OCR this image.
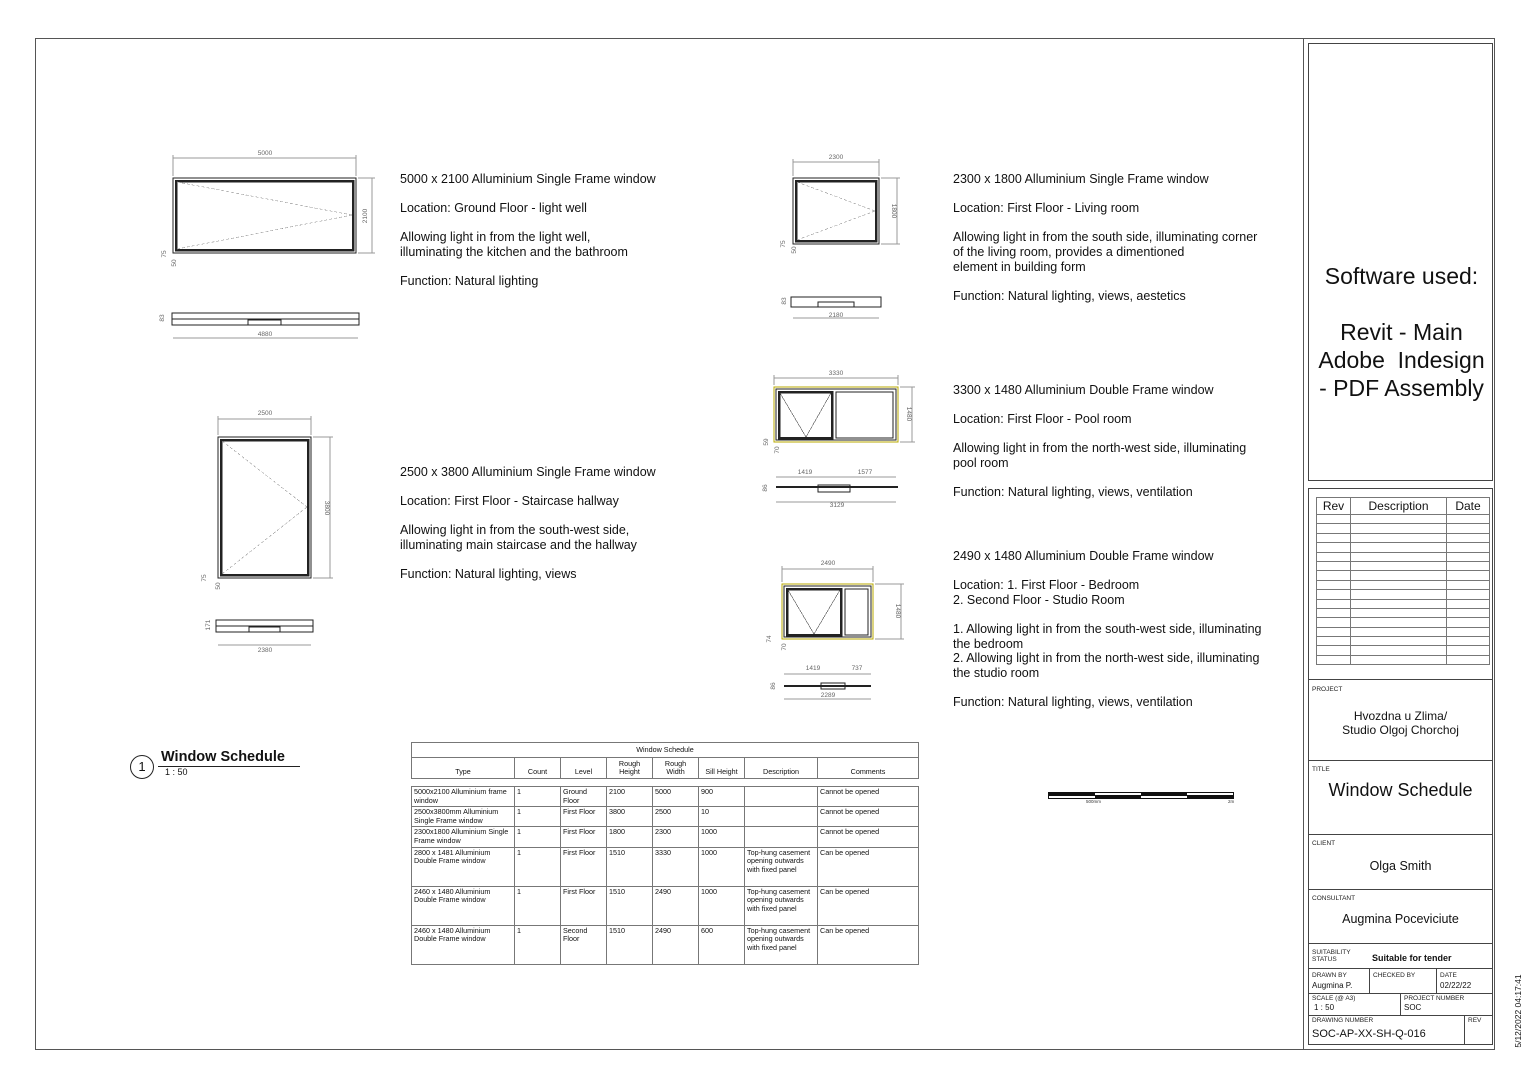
5000
2100
75
50
83
4880
2300
1800
75
50
83
2180
2500
3800
75
50
171
2380
3330
1480
59
70
1419	1577
86
3129
2490
1480
74
70
1419	737
86
2289
5000 x 2100 Alluminium Single Frame window
Location: Ground Floor - light well
Allowing light in from the light well,
illuminating the kitchen and the bathroom
Function: Natural lighting
2300 x 1800 Alluminium Single Frame window
Location: First Floor - Living room
Allowing light in from the south side, illuminating corner
of the living room, provides a dimentioned
element in building form
Function: Natural lighting, views, aestetics
2500 x 3800 Alluminium Single Frame window
Location: First Floor - Staircase hallway
Allowing light in from the south-west side,
illuminating main staircase and the hallway
Function: Natural lighting, views
3300 x 1480 Alluminium Double Frame window
Location: First Floor - Pool room
Allowing light in from the north-west side, illuminating
pool room
Function: Natural lighting, views, ventilation
2490 x 1480 Alluminium Double Frame window
Location: 1. First Floor - Bedroom
2. Second Floor - Studio Room
1. Allowing light in from the south-west side, illuminating
the bedroom
2. Allowing light in from the north-west side, illuminating
the studio room
Function: Natural lighting, views, ventilation
1
Window Schedule
1 : 50
Window Schedule							
Type	Count	Level	Rough Height	Rough Width	Sill Height	Description	Comments

5000x2100 Alluminium frame window	1	Ground Floor	2100	5000	900		Cannot be opened
2500x3800mm Alluminium Single Frame window	1	First Floor	3800	2500	10		Cannot be opened
2300x1800 Alluminium Single Frame window	1	First Floor	1800	2300	1000		Cannot be opened
2800 x 1481 Alluminium Double Frame window	1	First Floor	1510	3330	1000	Top-hung casement opening outwards with fixed panel	Can be opened
2460 x 1480 Alluminium Double Frame window	1	First Floor	1510	2490	1000	Top-hung casement opening outwards with fixed panel	Can be opened
2460 x 1480 Alluminium Double Frame window	1	Second Floor	1510	2490	600	Top-hung casement opening outwards with fixed panel	Can be opened
500mm	2m
Software used:
Revit - Main
Adobe  Indesign
- PDF Assembly
Rev	Description	Date

PROJECT
Hvozdna u Zlima/
Studio Olgoj Chorchoj
TITLE
Window Schedule
CLIENT
Olga Smith
CONSULTANT
Augmina Poceviciute
SUITABILITY
STATUS	Suitable for tender
DRAWN BY
Augmina P.
CHECKED BY	DATE
02/22/22
SCALE (@ A3)
1 : 50
PROJECT NUMBER
SOC
DRAWING NUMBER
SOC-AP-XX-SH-Q-016
REV	5/12/2022 04:17:41
